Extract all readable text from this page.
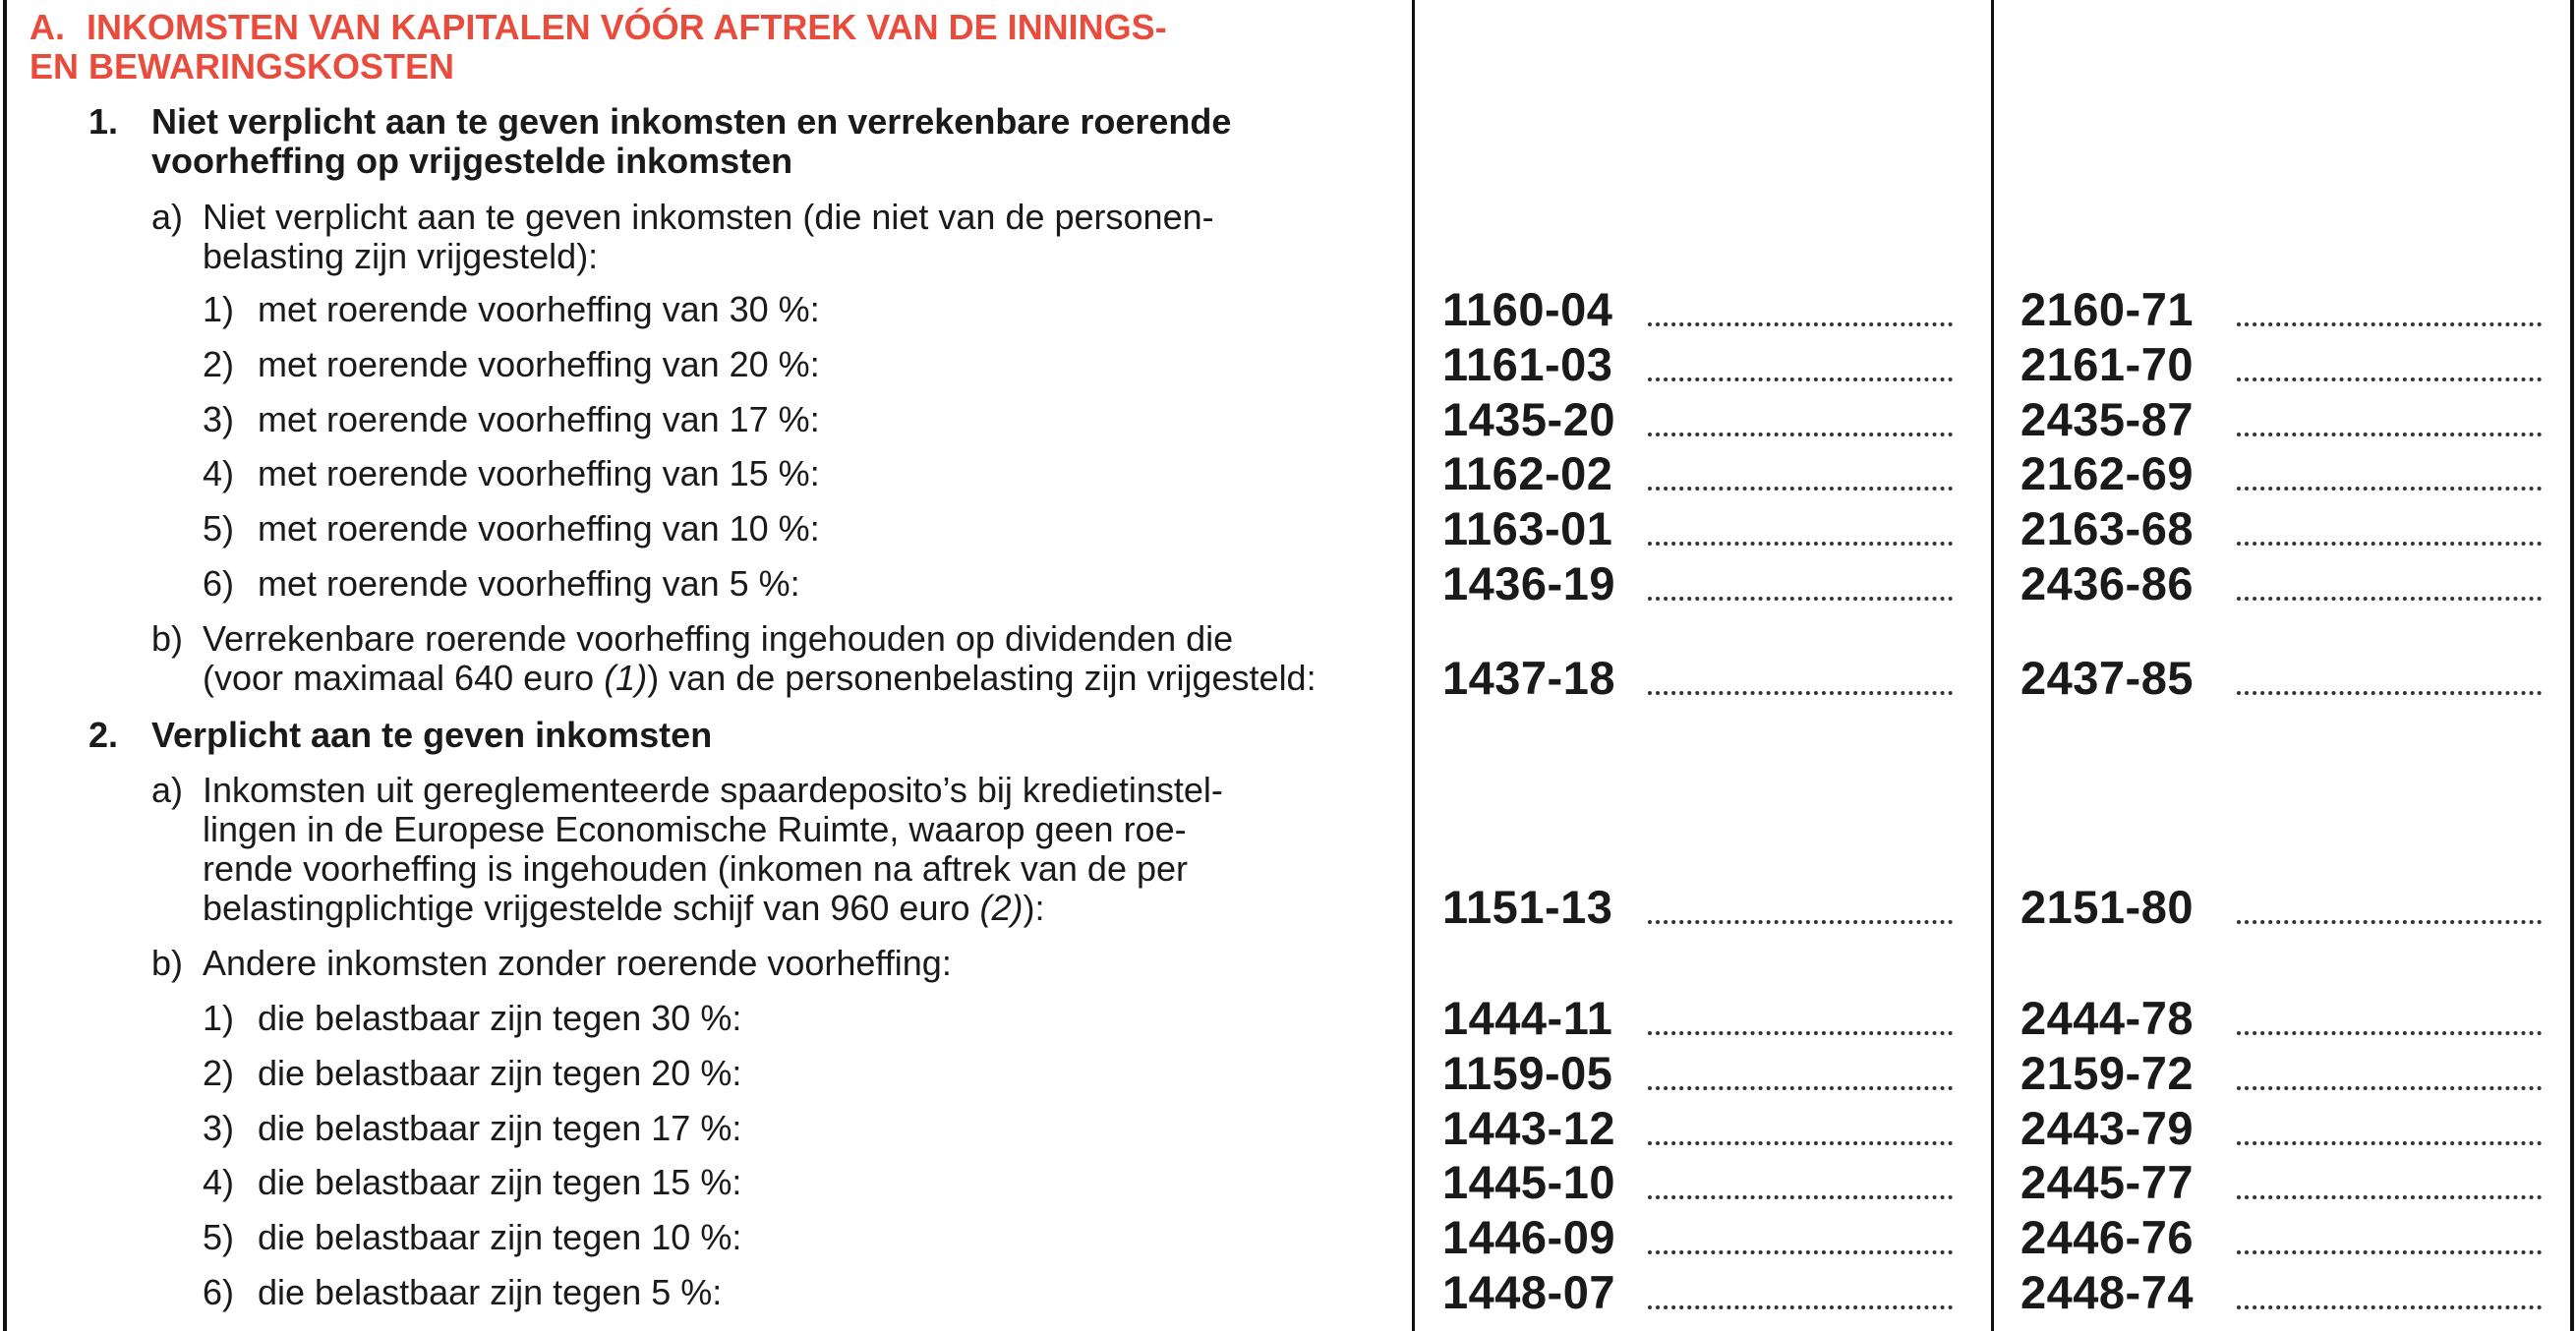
A. INKOMSTEN VAN KAPITALEN VÓÓR AFTREK VAN DE INNINGS-
EN BEWARINGSKOSTEN
1. Niet verplicht aan te geven inkomsten en verrekenbare roerende
voorheffing op vrijgestelde inkomsten
a) Niet verplicht aan te geven inkomsten (die niet van de personen-
belasting zijn vrijgesteld):
1) met roerende voorheffing van 30 %:	1160-04	2160-71
2) met roerende voorheffing van 20 %:	1161-03	2161-70
3) met roerende voorheffing van 17 %:	1435-20	2435-87
4) met roerende voorheffing van 15 %:	1162-02	2162-69
5) met roerende voorheffing van 10 %:	1163-01	2163-68
6) met roerende voorheffing van 5 %:	1436-19	2436-86
b) Verrekenbare roerende voorheffing ingehouden op dividenden die
(voor maximaal 640 euro (1)) van de personenbelasting zijn vrijgesteld:	1437-18	2437-85
2. Verplicht aan te geven inkomsten
a) Inkomsten uit gereglementeerde spaardeposito’s bij kredietinstel-
lingen in de Europese Economische Ruimte, waarop geen roe-
rende voorheffing is ingehouden (inkomen na aftrek van de per
belastingplichtige vrijgestelde schijf van 960 euro (2)):	1151-13	2151-80
b) Andere inkomsten zonder roerende voorheffing:
1) die belastbaar zijn tegen 30 %:	1444-11	2444-78
2) die belastbaar zijn tegen 20 %:	1159-05	2159-72
3) die belastbaar zijn tegen 17 %:	1443-12	2443-79
4) die belastbaar zijn tegen 15 %:	1445-10	2445-77
5) die belastbaar zijn tegen 10 %:	1446-09	2446-76
6) die belastbaar zijn tegen 5 %:	1448-07	2448-74
